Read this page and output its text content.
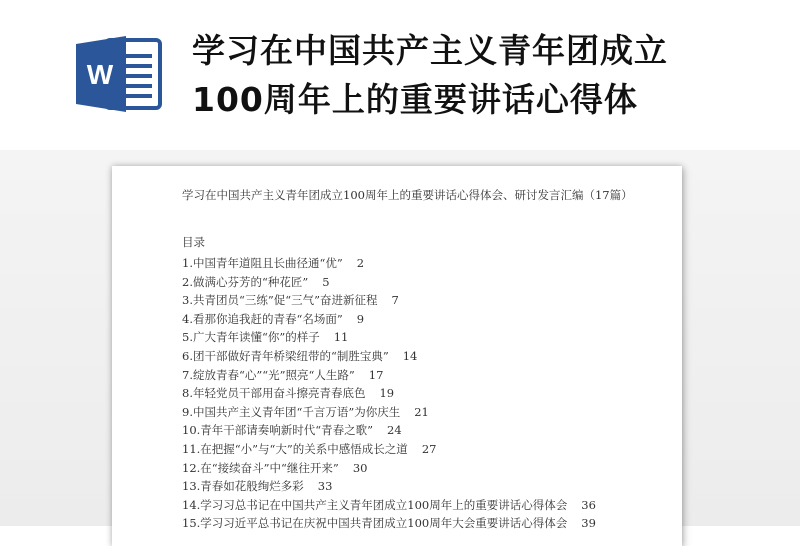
W
学习在中国共产主义青年团成立
100周年上的重要讲话心得体
学习在中国共产主义青年团成立100周年上的重要讲话心得体会、研讨发言汇编（17篇）
目录
1.中国青年道阻且长曲径通“优” 2
2.做满心芬芳的“种花匠” 5
3.共青团员“三练”促“三气”奋进新征程 7
4.看那你追我赶的青春“名场面” 9
5.广大青年读懂“你”的样子 11
6.团干部做好青年桥梁纽带的“制胜宝典” 14
7.绽放青春“心”“光”照亮“人生路” 17
8.年轻党员干部用奋斗擦亮青春底色 19
9.中国共产主义青年团“千言万语”为你庆生 21
10.青年干部请奏响新时代“青春之歌” 24
11.在把握“小”与“大”的关系中感悟成长之道 27
12.在“接续奋斗”中“继往开来” 30
13.青春如花般绚烂多彩 33
14.学习习总书记在中国共产主义青年团成立100周年上的重要讲话心得体会 36
15.学习习近平总书记在庆祝中国共青团成立100周年大会重要讲话心得体会 39
